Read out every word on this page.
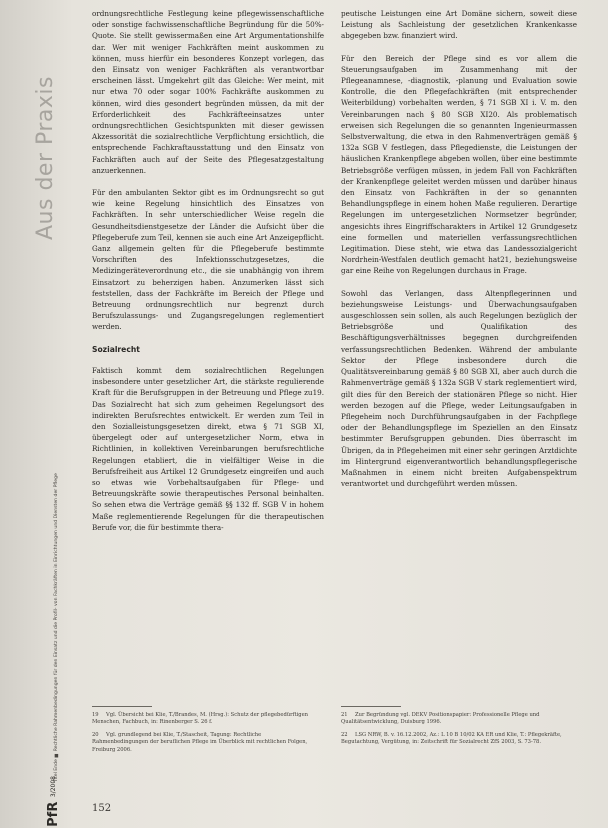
Aus der Praxis
Titel Ende ■ Rechtliche Rahmenbedingungen für den Einsatz und die Profil- von Fachkräften in Einrichtungen und Diensten der Pflege
PfR 3/2008

ordnungsrechtliche Festlegung keine pflegewissenschaftliche oder sonstige fachwissenschaftliche Begründung für die 50%-Quote. Sie stellt gewissermaßen eine Art Argumentationshilfe dar. Wer mit weniger Fachkräften meint auskommen zu können, muss hierfür ein besonderes Konzept vorlegen, das den Einsatz von weniger Fachkräften als verantwortbar erscheinen lässt. Umgekehrt gilt das Gleiche: Wer meint, mit nur etwa 70 oder sogar 100% Fachkräfte auskommen zu können, wird dies gesondert begründen müssen, da mit der Erforderlichkeit des Fachkräfteeinsatzes unter ordnungsrechtlichen Gesichtspunkten mit dieser gewissen Akzessorität die sozialrechtliche Verpflichtung ersichtlich, die entsprechende Fachkraftausstattung und den Einsatz von Fachkräften auch auf der Seite des Pflegesatzgestaltung anzuerkennen.

Für den ambulanten Sektor gibt es im Ordnungsrecht so gut wie keine Regelung hinsichtlich des Einsatzes von Fachkräften. In sehr unterschiedlicher Weise regeln die Gesundheitsdienstgesetze der Länder die Aufsicht über die Pflegeberufe zum Teil, kennen sie auch eine Art Anzeigepflicht. Ganz allgemein gelten für die Pflegeberufe bestimmte Vorschriften des Infektionsschutzgesetzes, die Medizingeräteverordnung etc., die sie unabhängig von ihrem Einsatzort zu beherzigen haben. Anzumerken lässt sich feststellen, dass der Fachkräfte im Bereich der Pflege und Betreuung ordnungsrechtlich nur begrenzt durch Berufszulassungs- und Zugangsregelungen reglementiert werden.

Sozialrecht

Faktisch kommt dem sozialrechtlichen Regelungen insbesondere unter gesetzlicher Art, die stärkste regulierende Kraft für die Berufsgruppen in der Betreuung und Pflege zu19. Das Sozialrecht hat sich zum geheimen Regelungsort des indirekten Berufsrechtes entwickelt. Er werden zum Teil in den Sozialleistungsgesetzen direkt, etwa § 71 SGB XI, übergelegt oder auf untergesetzlicher Norm, etwa in Richtlinien, in kollektiven Vereinbarungen berufsrechtliche Regelungen etabliert, die in vielfältiger Weise in die Berufsfreiheit aus Artikel 12 Grundgesetz eingreifen und auch so etwas wie Vorbehaltsaufgaben für Pflege- und Betreuungskräfte sowie therapeutisches Personal beinhalten. So sehen etwa die Verträge gemäß §§ 132 ff. SGB V in hohem Maße reglementierende Regelungen für die therapeutischen Berufe vor, die für bestimmte thera-

peutische Leistungen eine Art Domäne sichern, soweit diese Leistung als Sachleistung der gesetzlichen Krankenkasse abgegeben bzw. finanziert wird.

Für den Bereich der Pflege sind es vor allem die Steuerungsaufgaben im Zusammenhang mit der Pflegeanamnese, -diagnostik, -planung und Evaluation sowie Kontrolle, die den Pflegefachkräften (mit entsprechender Weiterbildung) vorbehalten werden, § 71 SGB XI i. V. m. den Vereinbarungen nach § 80 SGB XI20. Als problematisch erweisen sich Regelungen die so genannten Ingenieurmassen Selbstverwaltung, die etwa in den Rahmenverträgen gemäß § 132a SGB V festlegen, dass Pflegedienste, die Leistungen der häuslichen Krankenpflege abgeben wollen, über eine bestimmte Betriebsgröße verfügen müssen, in jedem Fall von Fachkräften der Krankenpflege geleitet werden müssen und darüber hinaus den Einsatz von Fachkräften in der so genannten Behandlungspflege in einem hohen Maße regulieren. Derartige Regelungen im untergesetzlichen Normsetzer begründer, angesichts ihres Eingriffscharakters in Artikel 12 Grundgesetz eine formellen und materiellen verfassungsrechtlichen Legitimation. Diese steht, wie etwa das Landessozialgericht Nordrhein-Westfalen deutlich gemacht hat21, beziehungsweise gar eine Reihe von Regelungen durchaus in Frage.

Sowohl das Verlangen, dass Altenpflegerinnen und beziehungsweise Leistungs- und Überwachungsaufgaben ausgeschlossen sein sollen, als auch Regelungen bezüglich der Betriebsgröße und Qualifikation des Beschäftigungsverhältnisses begegnen durchgreifenden verfassungsrechtlichen Bedenken. Während der ambulante Sektor der Pflege insbesondere durch die Qualitätsvereinbarung gemäß § 80 SGB XI, aber auch durch die Rahmenverträge gemäß § 132a SGB V stark reglementiert wird, gilt dies für den Bereich der stationären Pflege so nicht. Hier werden bezogen auf die Pflege, weder Leitungsaufgaben in Pflegeheim noch Durchführungsaufgaben in der Fachpflege oder der Behandlungspflege im Speziellen an den Einsatz bestimmter Berufsgruppen gebunden. Dies überrascht im Übrigen, da in Pflegeheimen mit einer sehr geringen Arztdichte im Hintergrund eigenverantwortlich behandlungspflegerische Maßnahmen in einem nicht breiten Aufgabenspektrum verantwortet und durchgeführt werden müssen.

19 Vgl. Übersicht bei Klie, T./Brandes, M. (Hrsg.): Schutz der pflegebedürftigen Menschen, Fachbuch, in: Rinenberger S. 26 f.
20 Vgl. grundlegend bei Klie, T./Stascheit, Tagung: Rechtliche Rahmenbedingungen der beruflichen Pflege im Überblick mit rechtlichen Folgen, Freiburg 2006.
21 Zur Begründung vgl. DEKV Positionspapier: Professionelle Pflege und Qualitätsentwicklung, Duisburg 1996.
22 LSG NRW, B. v. 16.12.2002, Az.: L 10 B 10/02 KA ER und Klie, T.: Pflegekräfte, Begutachtung, Vergütung, in: Zeitschrift für Sozialrecht ZfS 2003, S. 73-78.
152
